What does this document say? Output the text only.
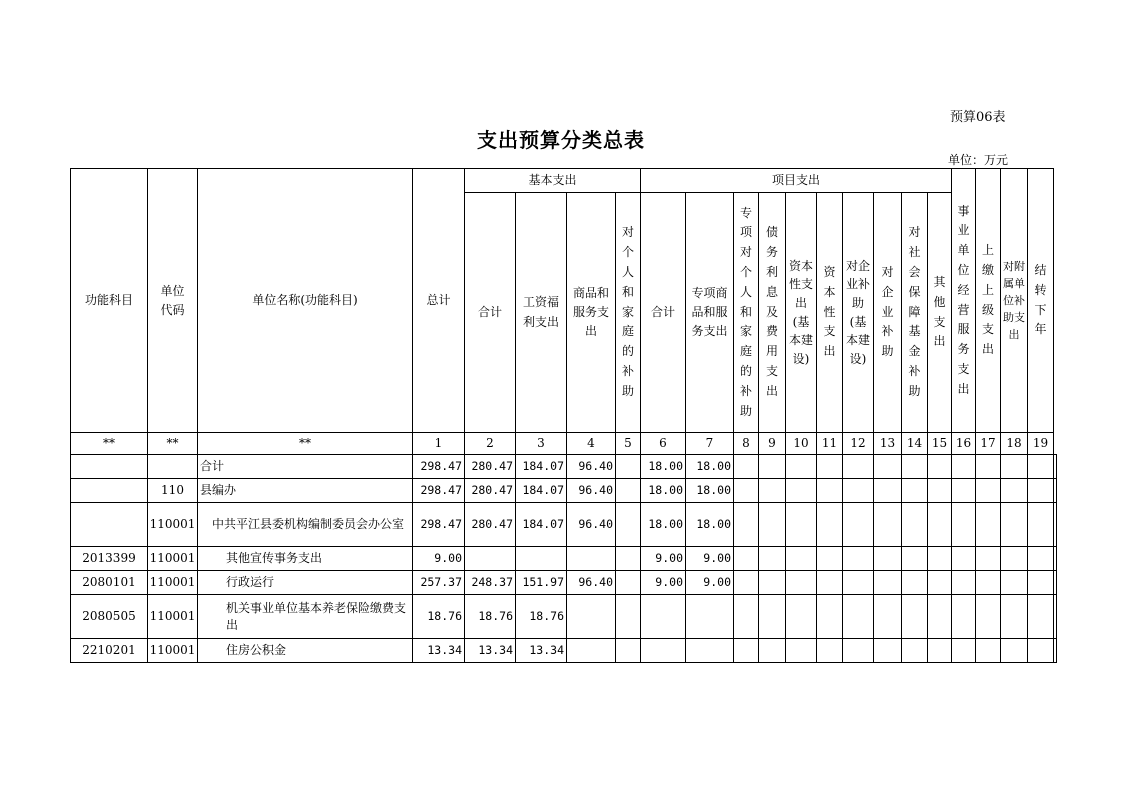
预算06表
支出预算分类总表
单位：万元
功能科目	单位代码	单位名称(功能科目)	总计	基本支出				项目支出										事业单位经营服务支出	上缴上级支出	对附属单位补助支出	结转下年	
				合计	工资福利支出	商品和服务支出	对个人和家庭的补助	合计	专项商品和服务支出	专项对个人和家庭的补助	债务利息及费用支出	资本性支出(基本建设)	资本性支出	对企业补助(基本建设)	对企业补助	对社会保障基金补助	其他支出					
**	**	**	1	2	3	4	5	6	7	8	9	10	11	12	13	14	15	16	17	18	19	
		合计	298.47	280.47	184.07	96.40		18.00	18.00													
	110	县编办	298.47	280.47	184.07	96.40		18.00	18.00													
	110001	中共平江县委机构编制委员会办公室	298.47	280.47	184.07	96.40		18.00	18.00													
2013399	110001	其他宣传事务支出	9.00					9.00	9.00													
2080101	110001	行政运行	257.37	248.37	151.97	96.40		9.00	9.00													
2080505	110001	机关事业单位基本养老保险缴费支出	18.76	18.76	18.76																	
2210201	110001	住房公积金	13.34	13.34	13.34																	
